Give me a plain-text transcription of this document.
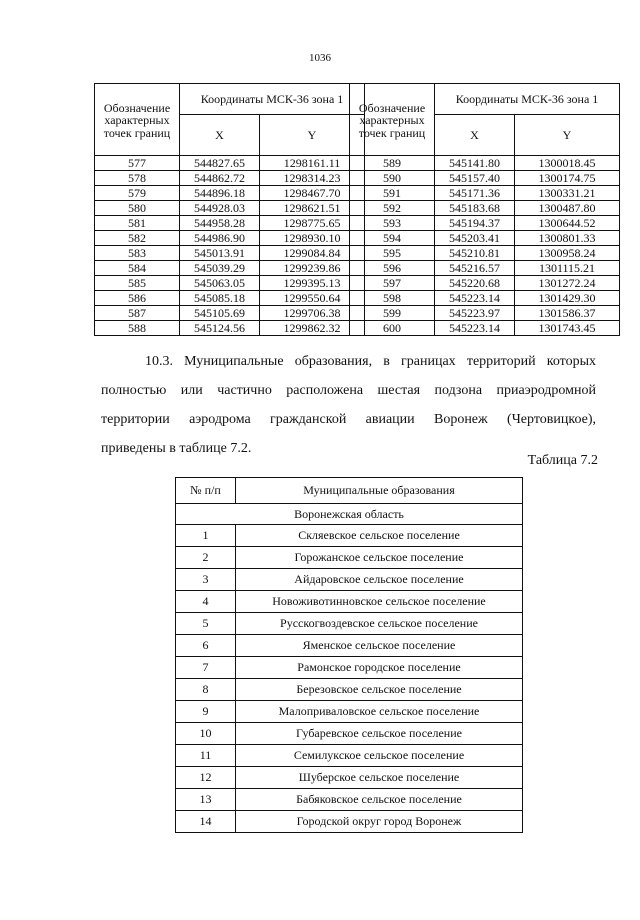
1036
Обозначение характерных точек границ	Координаты МСК-36 зона 1	
	X	Y
577	544827.65	1298161.11
578	544862.72	1298314.23
579	544896.18	1298467.70
580	544928.03	1298621.51
581	544958.28	1298775.65
582	544986.90	1298930.10
583	545013.91	1299084.84
584	545039.29	1299239.86
585	545063.05	1299395.13
586	545085.18	1299550.64
587	545105.69	1299706.38
588	545124.56	1299862.32
Обозначение характерных точек границ	Координаты МСК-36 зона 1	
	X	Y
589	545141.80	1300018.45
590	545157.40	1300174.75
591	545171.36	1300331.21
592	545183.68	1300487.80
593	545194.37	1300644.52
594	545203.41	1300801.33
595	545210.81	1300958.24
596	545216.57	1301115.21
597	545220.68	1301272.24
598	545223.14	1301429.30
599	545223.97	1301586.37
600	545223.14	1301743.45
10.3. Муниципальные образования, в границах территорий которых
полностью или частично расположена шестая подзона приаэродромной
территории аэродрома гражданской авиации Воронеж (Чертовицкое),
приведены в таблице 7.2.
Таблица 7.2
№ п/п	Муниципальные образования
Воронежская область	
1	Скляевское сельское поселение
2	Горожанское сельское поселение
3	Айдаровское сельское поселение
4	Новоживотинновское сельское поселение
5	Русскогвоздевское сельское поселение
6	Яменское сельское поселение
7	Рамонское городское поселение
8	Березовское сельское поселение
9	Малоприваловское сельское поселение
10	Губаревское сельское поселение
11	Семилукское сельское поселение
12	Шуберское сельское поселение
13	Бабяковское сельское поселение
14	Городской округ город Воронеж
